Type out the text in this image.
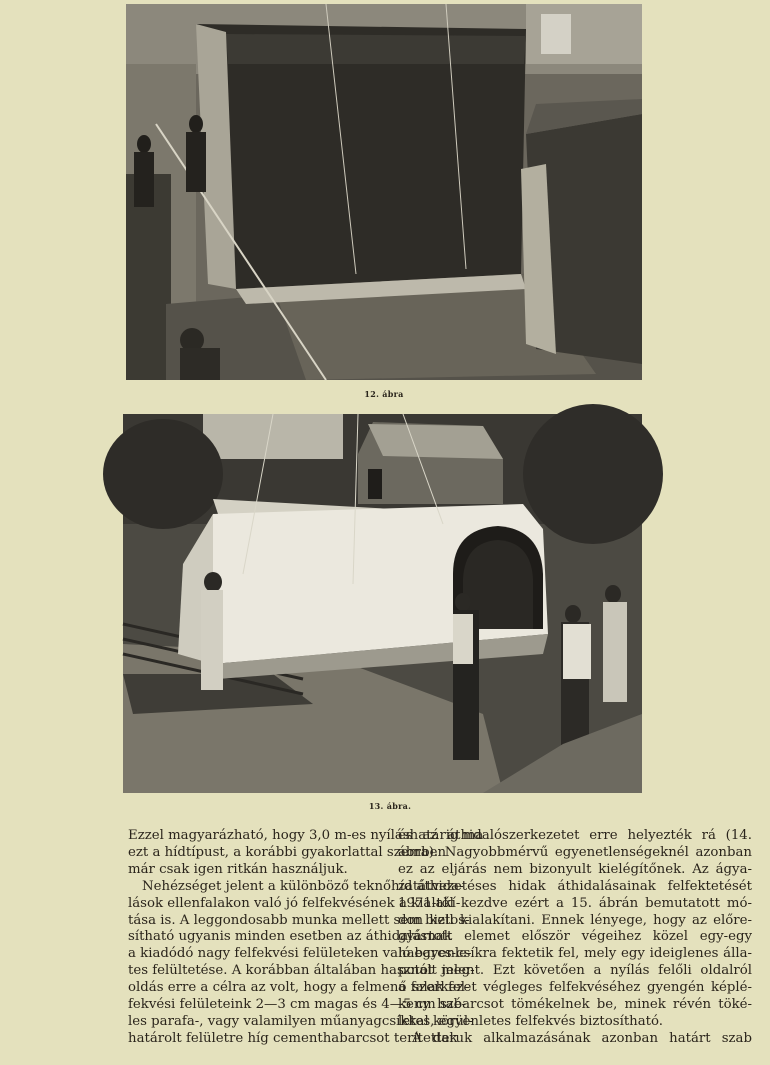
12. ábra
13. ábra.
Ezzel magyarázható, hogy 3,0 m-es nyíláshatárig ma
ezt a hídtípust, a korábbi gyakorlattal szemben
már csak igen ritkán használjuk.
Nehézséget jelent a különböző teknőhíd áthida-
lások ellenfalakon való jó felfekvésének a kialakí-
tása is. A leggondosabb munka mellett sem biztos-
sítható ugyanis minden esetben az áthidalásnak
a kiadódó nagy felfekvési felületeken való egyenle-
tes felültetése. A korábban általában használt meg-
oldás erre a célra az volt, hogy a felmenő falak fel-
fekvési felületeink 2—3 cm magas és 4—5 cm szé-
les parafa-, vagy valamilyen műanyagcsíkkal körül-
határolt felületre híg cementhabarcsot terítettek
és az áthidalószerkezetet erre helyezték rá (14.
ábra). Nagyobbmérvű egyenetlenségeknél azonban
ez az eljárás nem bizonyult kielégítőnek. Az ágya-
zatátvezetéses hidak áthidalásainak felfektetését
1971-től kezdve ezért a 15. ábrán bemutatott mó-
don kell kialakítani. Ennek lényege, hogy az előre-
gyártott elemet először végeihez közel egy-egy
habarcs-csíkra fektetik fel, mely egy ideiglenes álla-
potot jelent. Ezt követően a nyílás felőli oldalról
a szerkezet végleges felfekvéséhez gyengén képlé-
keny habarcsot tömékelnek be, minek révén töké-
letes, egyenletes felfekvés biztosítható.
A daruk alkalmazásának azonban határt szab
